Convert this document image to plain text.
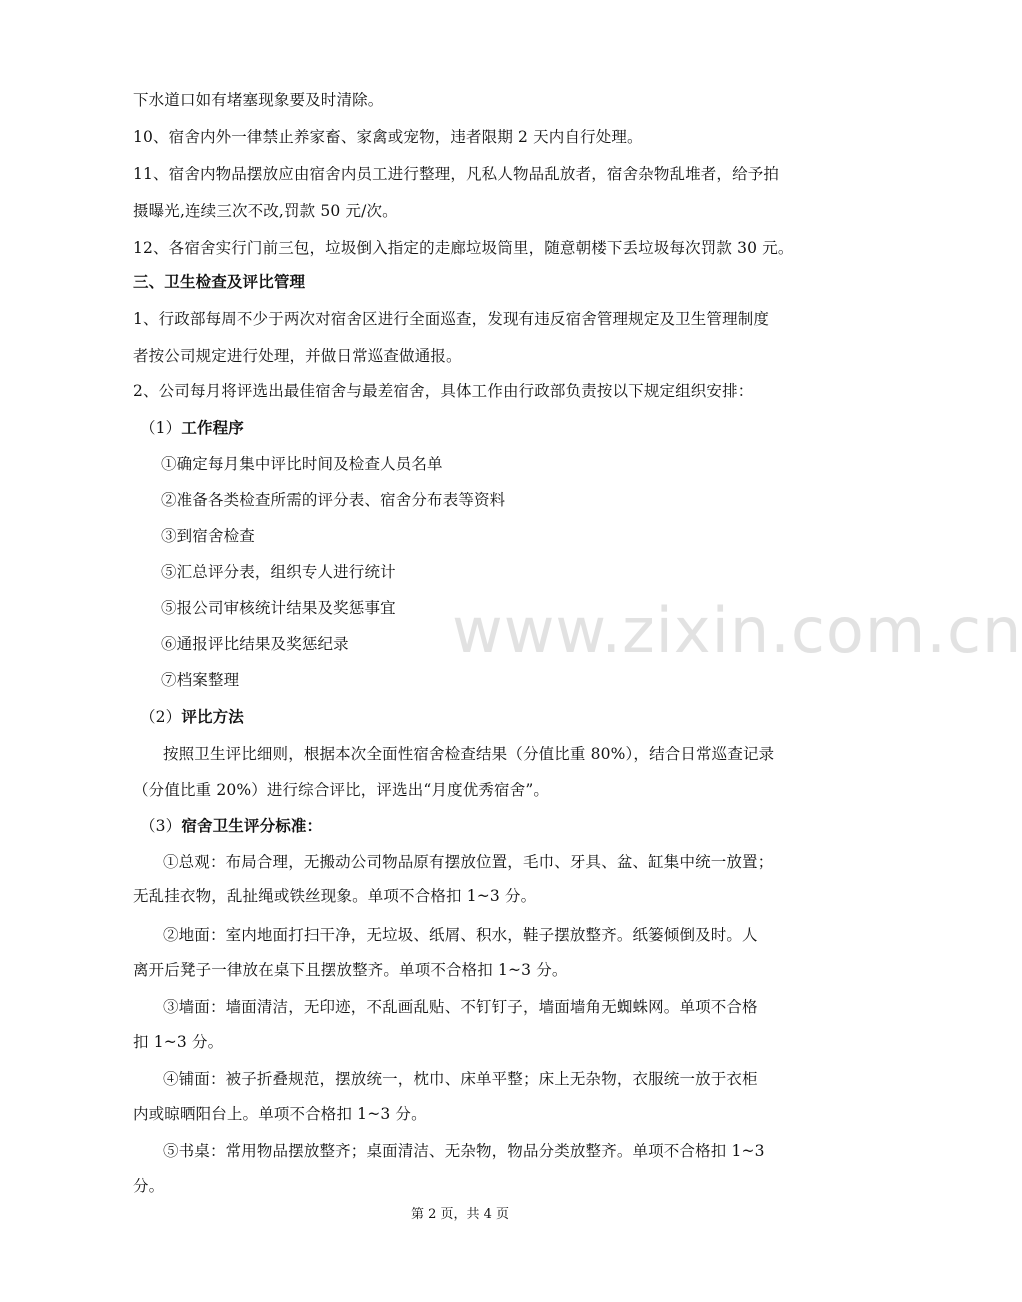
下水道口如有堵塞现象要及时清除。
10、宿舍内外一律禁止养家畜、家禽或宠物，违者限期 2 天内自行处理。
11、宿舍内物品摆放应由宿舍内员工进行整理，凡私人物品乱放者，宿舍杂物乱堆者，给予拍
摄曝光,连续三次不改,罚款 50 元/次。
12、各宿舍实行门前三包，垃圾倒入指定的走廊垃圾筒里，随意朝楼下丢垃圾每次罚款 30 元。
三、卫生检查及评比管理
1、行政部每周不少于两次对宿舍区进行全面巡查，发现有违反宿舍管理规定及卫生管理制度
者按公司规定进行处理，并做日常巡查做通报。
2、公司每月将评选出最佳宿舍与最差宿舍，具体工作由行政部负责按以下规定组织安排：
（1）工作程序
①确定每月集中评比时间及检查人员名单
②准备各类检查所需的评分表、宿舍分布表等资料
③到宿舍检查
⑤汇总评分表，组织专人进行统计
⑤报公司审核统计结果及奖惩事宜
⑥通报评比结果及奖惩纪录
⑦档案整理
（2）评比方法
按照卫生评比细则，根据本次全面性宿舍检查结果（分值比重 80%），结合日常巡查记录
（分值比重 20%）进行综合评比，评选出“月度优秀宿舍”。
（3）宿舍卫生评分标准：
①总观：布局合理，无搬动公司物品原有摆放位置，毛巾、牙具、盆、缸集中统一放置；
无乱挂衣物，乱扯绳或铁丝现象。单项不合格扣 1~3 分。
②地面：室内地面打扫干净，无垃圾、纸屑、积水，鞋子摆放整齐。纸篓倾倒及时。人
离开后凳子一律放在桌下且摆放整齐。单项不合格扣 1~3 分。
③墙面：墙面清洁，无印迹，不乱画乱贴、不钉钉子，墙面墙角无蜘蛛网。单项不合格
扣 1~3 分。
④铺面：被子折叠规范，摆放统一，枕巾、床单平整；床上无杂物，衣服统一放于衣柜
内或晾晒阳台上。单项不合格扣 1~3 分。
⑤书桌：常用物品摆放整齐；桌面清洁、无杂物，物品分类放整齐。单项不合格扣 1~3
分。
www.zixin.com.cn
第 2 页，共 4 页
